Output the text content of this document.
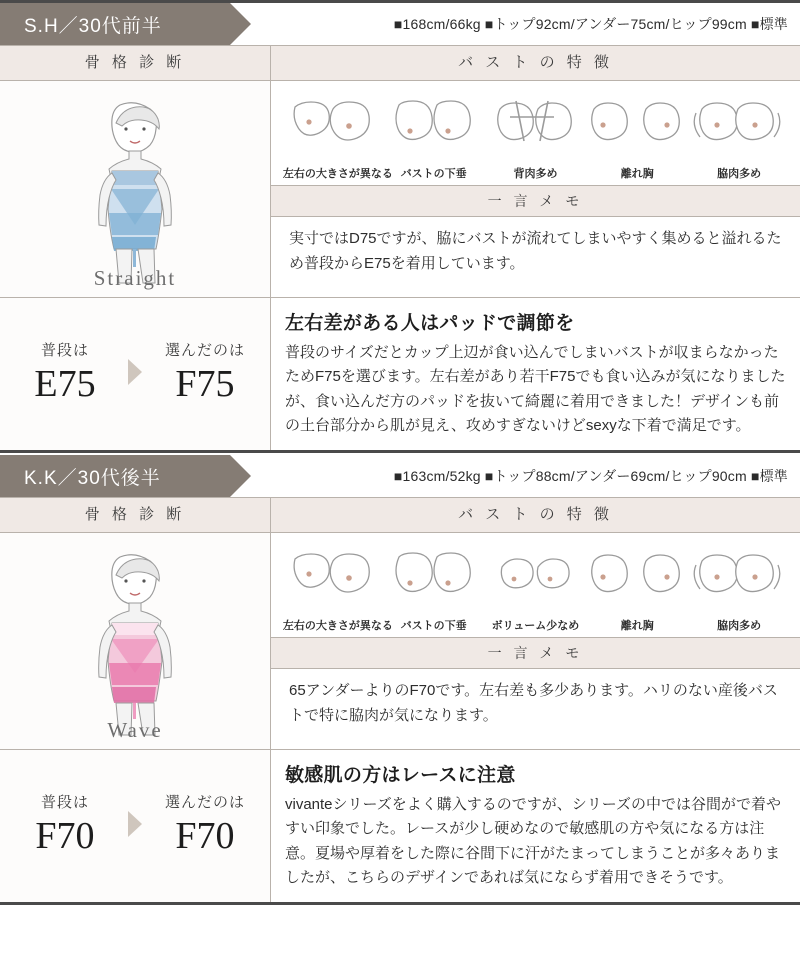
S.H／30代前半	■168cm/66kg ■トップ92cm/アンダー75cm/ヒップ99cm ■標準
骨 格 診 断
Straight
バ ス ト の 特 徴
左右の大きさが異なる バストの下垂	背肉多め	離れ胸	脇肉多め
一 言 メ モ
実寸ではD75ですが、脇にバストが流れてしまいやすく集めると溢れるため普段からE75を着用しています。
普段は
E75
選んだのは
F75
左右差がある人はパッドで調節を
普段のサイズだとカップ上辺が食い込んでしまいバストが収まらなかったためF75を選びます。左右差があり若干F75でも食い込みが気になりましたが、食い込んだ方のパッドを抜いて綺麗に着用できました！デザインも前の土台部分から肌が見え、攻めすぎないけどsexyな下着で満足です。
K.K／30代後半	■163cm/52kg ■トップ88cm/アンダー69cm/ヒップ90cm ■標準
骨 格 診 断
Wave
バ ス ト の 特 徴
左右の大きさが異なる バストの下垂	ボリューム少なめ	離れ胸	脇肉多め
一 言 メ モ
65アンダーよりのF70です。左右差も多少あります。ハリのない産後バストで特に脇肉が気になります。
普段は
F70
選んだのは
F70
敏感肌の方はレースに注意
vivanteシリーズをよく購入するのですが、シリーズの中では谷間がで着やすい印象でした。レースが少し硬めなので敏感肌の方や気になる方は注意。夏場や厚着をした際に谷間下に汗がたまってしまうことが多々ありましたが、こちらのデザインであれば気にならず着用できそうです。
